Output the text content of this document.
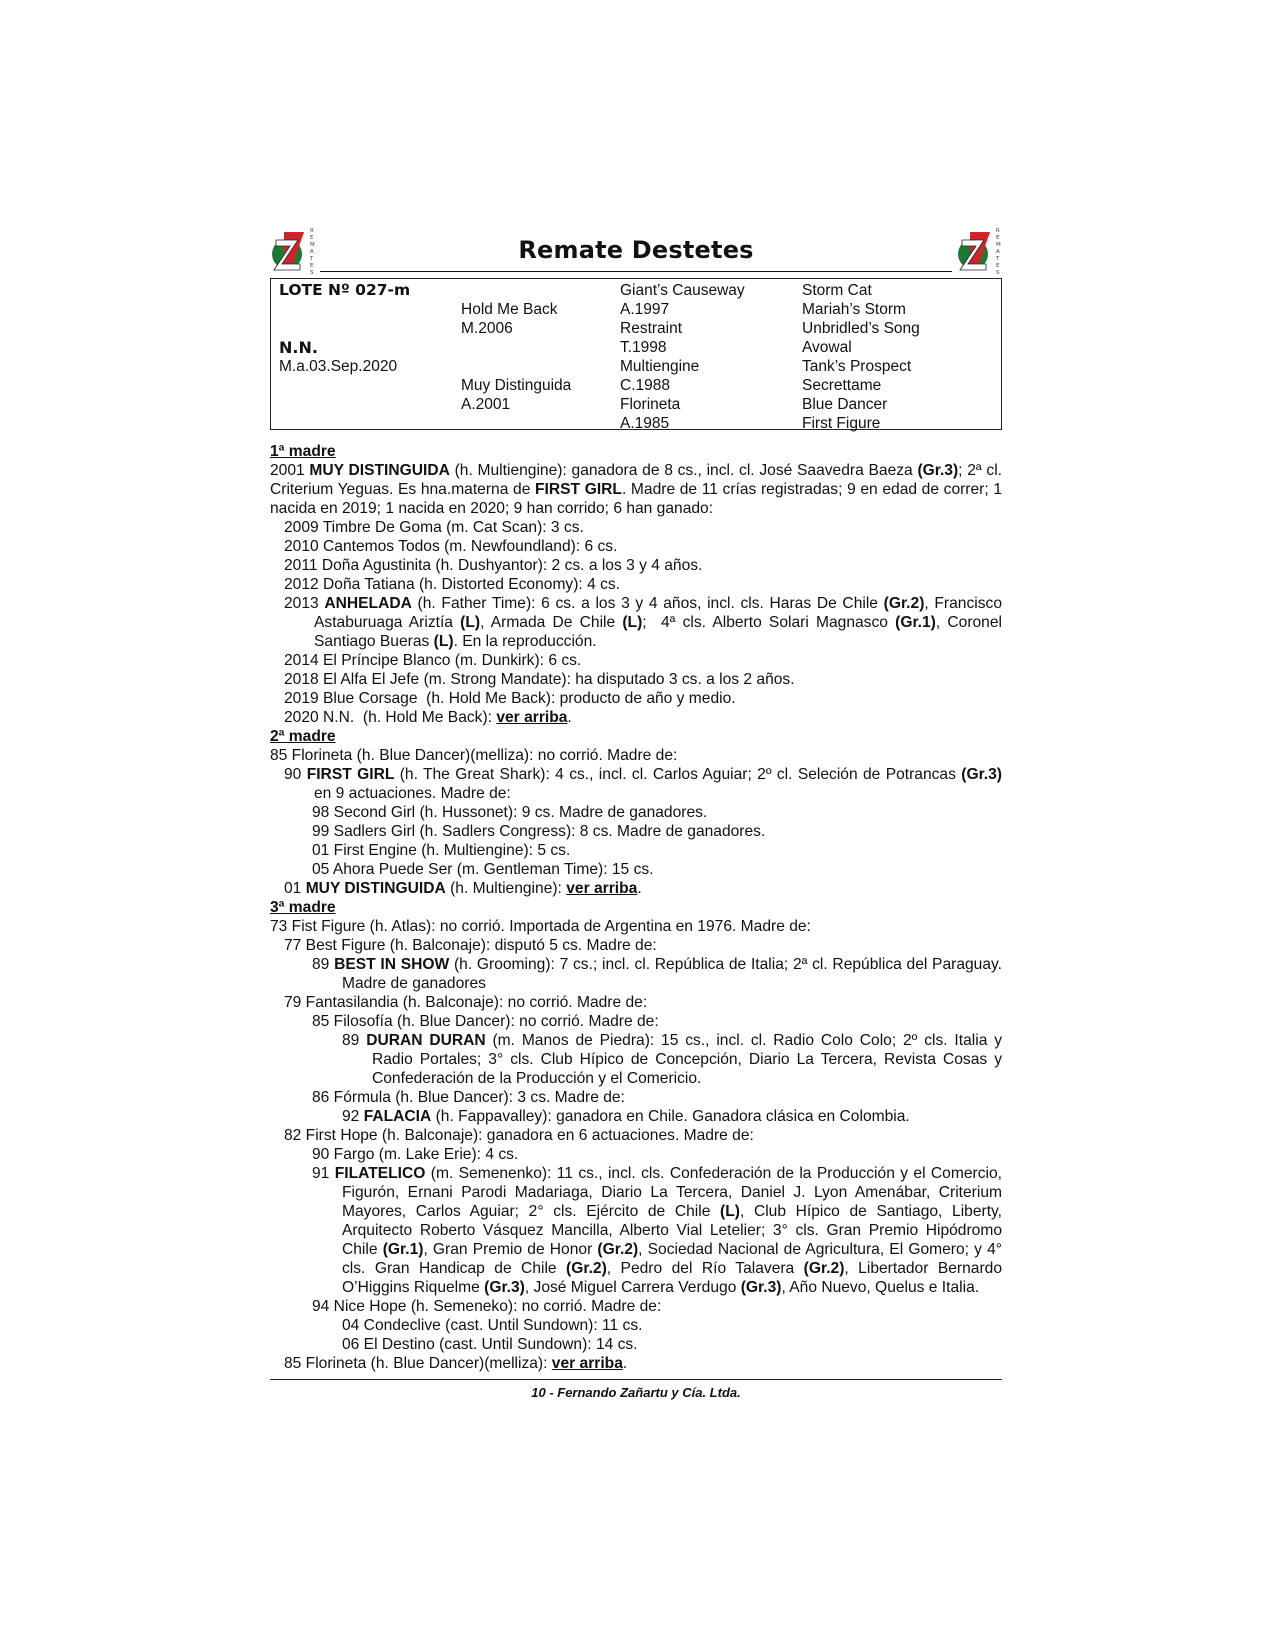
R
E
M
A
T
E
S
Remate Destetes
R
E
M
A
T
E
S
LOTE Nº 027-m
N.N.
M.a.03.Sep.2020
Hold Me Back
M.2006
Muy Distinguida
A.2001
Giant’s Causeway
A.1997
Restraint
T.1998
Multiengine
C.1988
Florineta
A.1985
Storm Cat
Mariah’s Storm
Unbridled’s Song
Avowal
Tank’s Prospect
Secrettame
Blue Dancer
First Figure
1ª madre
2001 MUY DISTINGUIDA (h. Multiengine): ganadora de 8 cs., incl. cl. José Saavedra Baeza (Gr.3); 2ª cl. Criterium Yeguas. Es hna.materna de FIRST GIRL. Madre de 11 crías registradas; 9 en edad de correr; 1 nacida en 2019; 1 nacida en 2020; 9 han corrido; 6 han ganado:
2009 Timbre De Goma (m. Cat Scan): 3 cs.
2010 Cantemos Todos (m. Newfoundland): 6 cs.
2011 Doña Agustinita (h. Dushyantor): 2 cs. a los 3 y 4 años.
2012 Doña Tatiana (h. Distorted Economy): 4 cs.
2013 ANHELADA (h. Father Time): 6 cs. a los 3 y 4 años, incl. cls. Haras De Chile (Gr.2), Francisco Astaburuaga Ariztía (L), Armada De Chile (L);  4ª cls. Alberto Solari Magnasco (Gr.1), Coronel Santiago Bueras (L). En la reproducción.
2014 El Príncipe Blanco (m. Dunkirk): 6 cs.
2018 El Alfa El Jefe (m. Strong Mandate): ha disputado 3 cs. a los 2 años.
2019 Blue Corsage  (h. Hold Me Back): producto de año y medio.
2020 N.N.  (h. Hold Me Back): ver arriba.
2ª madre
85 Florineta (h. Blue Dancer)(melliza): no corrió. Madre de:
90 FIRST GIRL (h. The Great Shark): 4 cs., incl. cl. Carlos Aguiar; 2º cl. Seleción de Potrancas (Gr.3) en 9 actuaciones. Madre de:
98 Second Girl (h. Hussonet): 9 cs. Madre de ganadores.
99 Sadlers Girl (h. Sadlers Congress): 8 cs. Madre de ganadores.
01 First Engine (h. Multiengine): 5 cs.
05 Ahora Puede Ser (m. Gentleman Time): 15 cs.
01 MUY DISTINGUIDA (h. Multiengine): ver arriba.
3ª madre
73 Fist Figure (h. Atlas): no corrió. Importada de Argentina en 1976. Madre de:
77 Best Figure (h. Balconaje): disputó 5 cs. Madre de:
89 BEST IN SHOW (h. Grooming): 7 cs.; incl. cl. República de Italia; 2ª cl. República del Paraguay. Madre de ganadores
79 Fantasilandia (h. Balconaje): no corrió. Madre de:
85 Filosofía (h. Blue Dancer): no corrió. Madre de:
89 DURAN DURAN (m. Manos de Piedra): 15 cs., incl. cl. Radio Colo Colo; 2º cls. Italia y Radio Portales; 3° cls. Club Hípico de Concepción, Diario La Tercera, Revista Cosas y Confederación de la Producción y el Comericio.
86 Fórmula (h. Blue Dancer): 3 cs. Madre de:
92 FALACIA (h. Fappavalley): ganadora en Chile. Ganadora clásica en Colombia.
82 First Hope (h. Balconaje): ganadora en 6 actuaciones. Madre de:
90 Fargo (m. Lake Erie): 4 cs.
91 FILATELICO (m. Semenenko): 11 cs., incl. cls. Confederación de la Producción y el Comercio, Figurón, Ernani Parodi Madariaga, Diario La Tercera, Daniel J. Lyon Amenábar, Criterium Mayores, Carlos Aguiar; 2° cls. Ejército de Chile (L), Club Hípico de Santiago, Liberty, Arquitecto Roberto Vásquez Mancilla, Alberto Vial Letelier; 3° cls. Gran Premio Hipódromo Chile (Gr.1), Gran Premio de Honor (Gr.2), Sociedad Nacional de Agricultura, El Gomero; y 4° cls. Gran Handicap de Chile (Gr.2), Pedro del Río Talavera (Gr.2), Libertador Bernardo O’Higgins Riquelme (Gr.3), José Miguel Carrera Verdugo (Gr.3), Año Nuevo, Quelus e Italia.
94 Nice Hope (h. Semeneko): no corrió. Madre de:
04 Condeclive (cast. Until Sundown): 11 cs.
06 El Destino (cast. Until Sundown): 14 cs.
85 Florineta (h. Blue Dancer)(melliza): ver arriba.
10 - Fernando Zañartu y Cía. Ltda.
